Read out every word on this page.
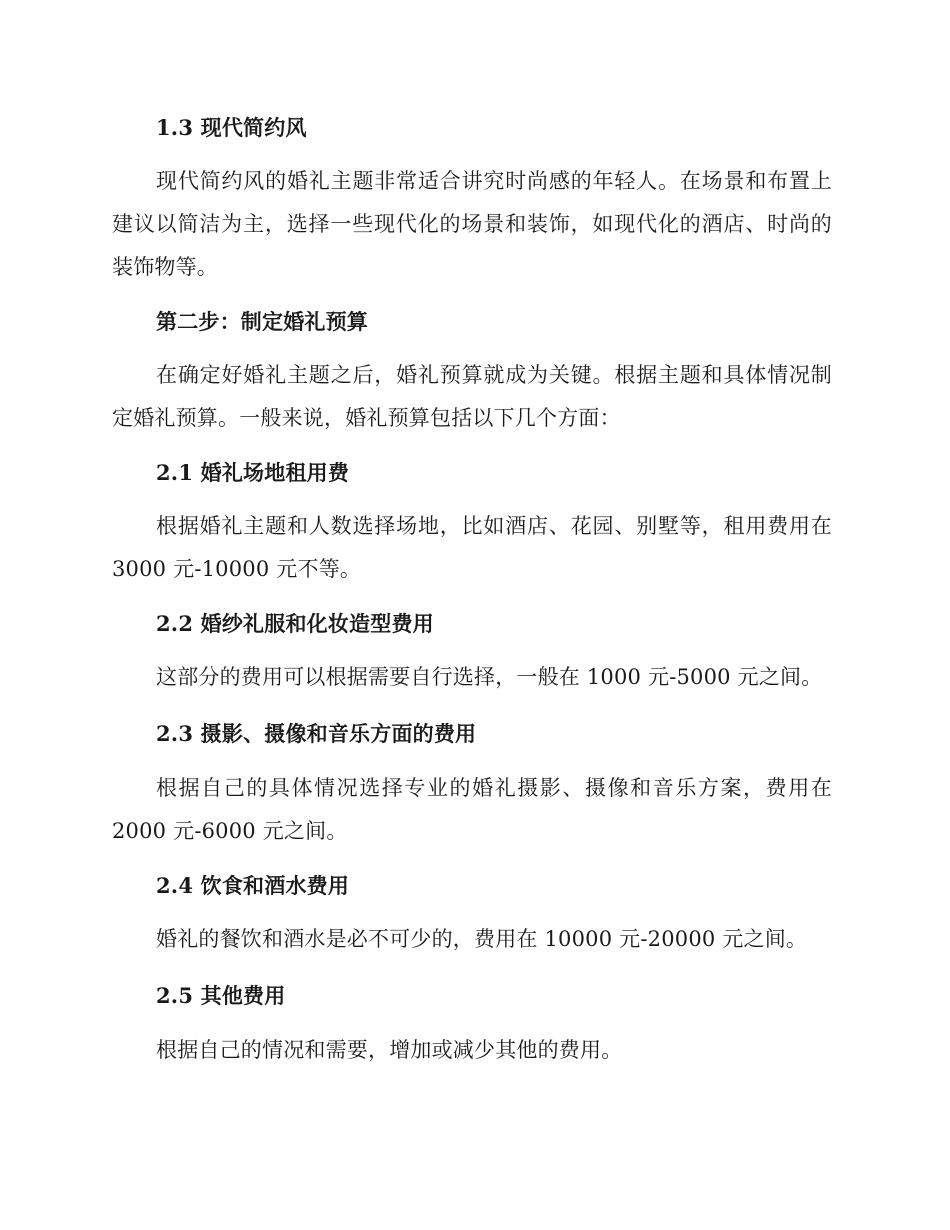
1.3 现代简约风
现代简约风的婚礼主题非常适合讲究时尚感的年轻人。在场景和布置上建议以简洁为主，选择一些现代化的场景和装饰，如现代化的酒店、时尚的装饰物等。
第二步：制定婚礼预算
在确定好婚礼主题之后，婚礼预算就成为关键。根据主题和具体情况制定婚礼预算。一般来说，婚礼预算包括以下几个方面：
2.1 婚礼场地租用费
根据婚礼主题和人数选择场地，比如酒店、花园、别墅等，租用费用在3000 元-10000 元不等。
2.2 婚纱礼服和化妆造型费用
这部分的费用可以根据需要自行选择，一般在 1000 元-5000 元之间。
2.3 摄影、摄像和音乐方面的费用
根据自己的具体情况选择专业的婚礼摄影、摄像和音乐方案，费用在2000 元-6000 元之间。
2.4 饮食和酒水费用
婚礼的餐饮和酒水是必不可少的，费用在 10000 元-20000 元之间。
2.5 其他费用
根据自己的情况和需要，增加或减少其他的费用。
